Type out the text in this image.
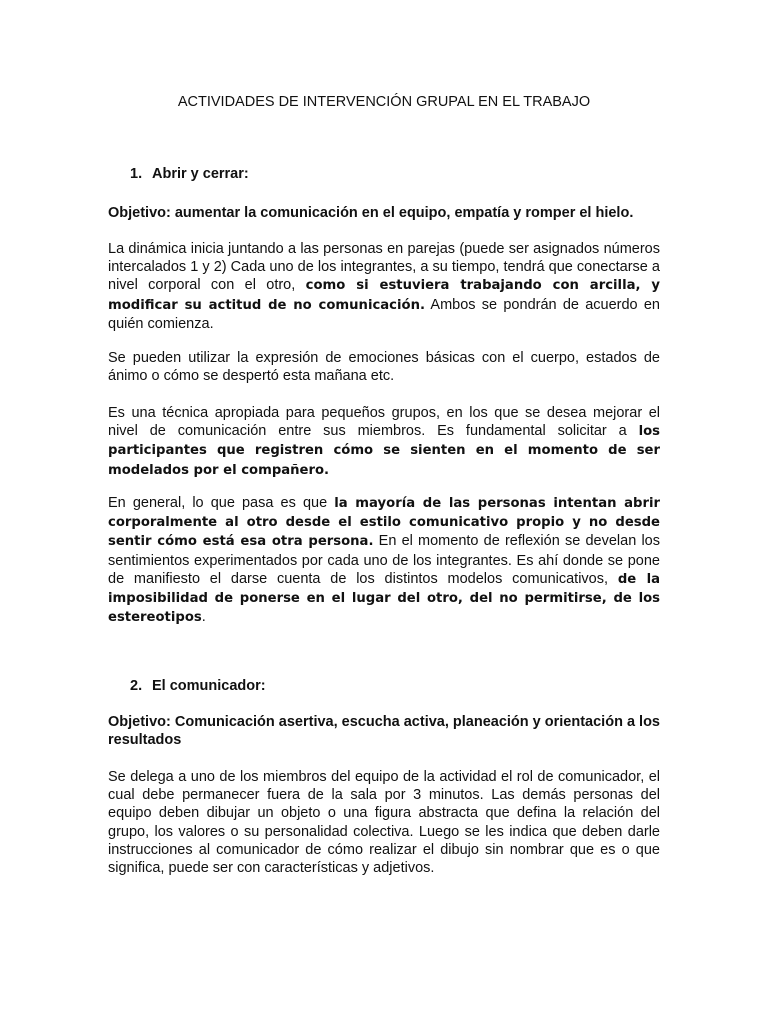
ACTIVIDADES DE INTERVENCIÓN GRUPAL EN EL TRABAJO

1. Abrir y cerrar:

Objetivo: aumentar la comunicación en el equipo, empatía y romper el hielo.

La dinámica inicia juntando a las personas en parejas (puede ser asignados números intercalados 1 y 2) Cada uno de los integrantes, a su tiempo, tendrá que conectarse a nivel corporal con el otro, como si estuviera trabajando con arcilla, y modificar su actitud de no comunicación. Ambos se pondrán de acuerdo en quién comienza.

Se pueden utilizar la expresión de emociones básicas con el cuerpo, estados de ánimo o cómo se despertó esta mañana etc.

Es una técnica apropiada para pequeños grupos, en los que se desea mejorar el nivel de comunicación entre sus miembros. Es fundamental solicitar a los participantes que registren cómo se sienten en el momento de ser modelados por el compañero.

En general, lo que pasa es que la mayoría de las personas intentan abrir corporalmente al otro desde el estilo comunicativo propio y no desde sentir cómo está esa otra persona. En el momento de reflexión se develan los sentimientos experimentados por cada uno de los integrantes. Es ahí donde se pone de manifiesto el darse cuenta de los distintos modelos comunicativos, de la imposibilidad de ponerse en el lugar del otro, del no permitirse, de los estereotipos.

2. El comunicador:

Objetivo: Comunicación asertiva, escucha activa, planeación y orientación a los resultados

Se delega a uno de los miembros del equipo de la actividad el rol de comunicador, el cual debe permanecer fuera de la sala por 3 minutos. Las demás personas del equipo deben dibujar un objeto o una figura abstracta que defina la relación del grupo, los valores o su personalidad colectiva. Luego se les indica que deben darle instrucciones al comunicador de cómo realizar el dibujo sin nombrar que es o que significa, puede ser con características y adjetivos.
